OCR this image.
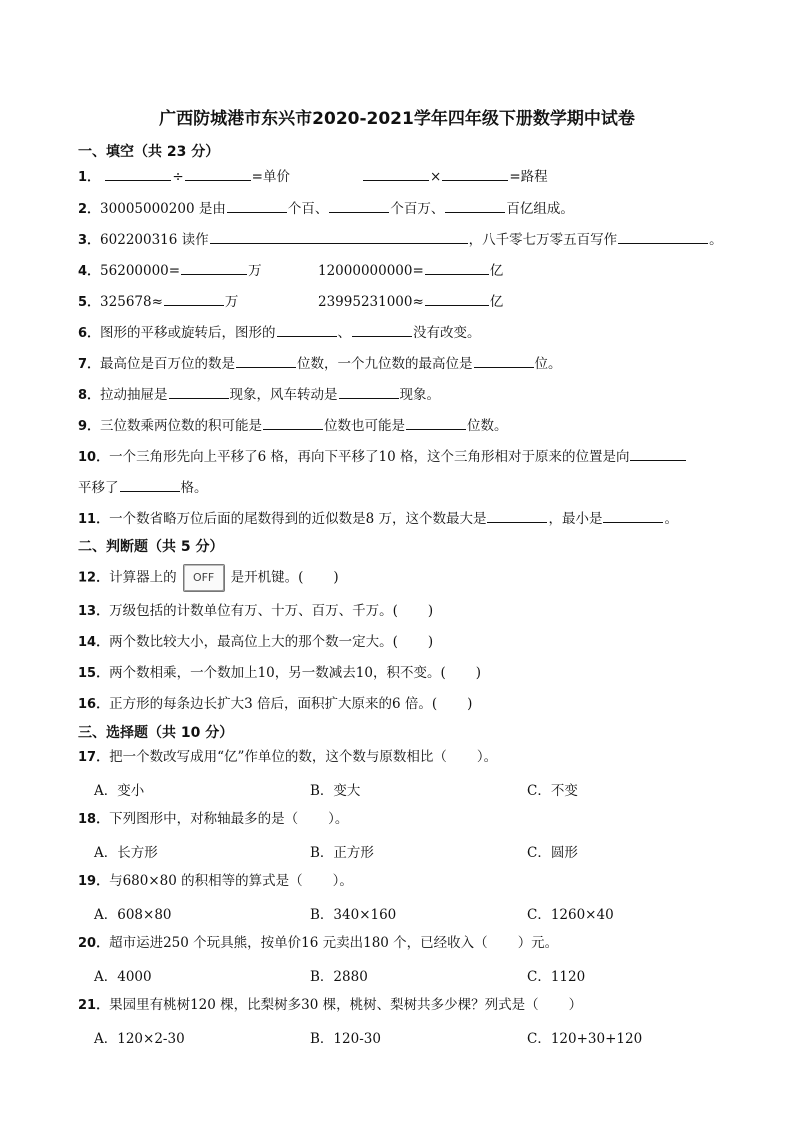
广西防城港市东兴市2020-2021学年四年级下册数学期中试卷
一、填空（共 23 分）
1．	÷	=单价	×	=路程
2．30005000200 是由	个百、	个百万、	百亿组成。
3．602200316 读作	，八千零七万零五百写作	。
4．56200000=	万	12000000000=	亿
5．325678≈	万	23995231000≈	亿
6．图形的平移或旋转后，图形的	、	没有改变。
7．最高位是百万位的数是	位数，一个九位数的最高位是	位。
8．拉动抽屉是	现象，风车转动是	现象。
9．三位数乘两位数的积可能是	位数也可能是	位数。
10．一个三角形先向上平移了6 格，再向下平移了10 格，这个三角形相对于原来的位置是向
平移了	格。
11．一个数省略万位后面的尾数得到的近似数是8 万，这个数最大是	，最小是	。
二、判断题（共 5 分）
12．计算器上的 OFF 是开机键。( )
13．万级包括的计数单位有万、十万、百万、千万。( )
14．两个数比较大小，最高位上大的那个数一定大。( )
15．两个数相乘，一个数加上10，另一数减去10，积不变。( )
16．正方形的每条边长扩大3 倍后，面积扩大原来的6 倍。( )
三、选择题（共 10 分）
17．把一个数改写成用“亿”作单位的数，这个数与原数相比（ ）。
A．变小	B．变大	C．不变
18．下列图形中，对称轴最多的是（ ）。
A．长方形	B．正方形	C．圆形
19．与680×80 的积相等的算式是（ ）。
A．608×80	B．340×160	C．1260×40
20．超市运进250 个玩具熊，按单价16 元卖出180 个，已经收入（ ）元。
A．4000	B．2880	C．1120
21．果园里有桃树120 棵，比梨树多30 棵，桃树、梨树共多少棵？列式是（ ）
A．120×2-30	B．120-30	C．120+30+120
